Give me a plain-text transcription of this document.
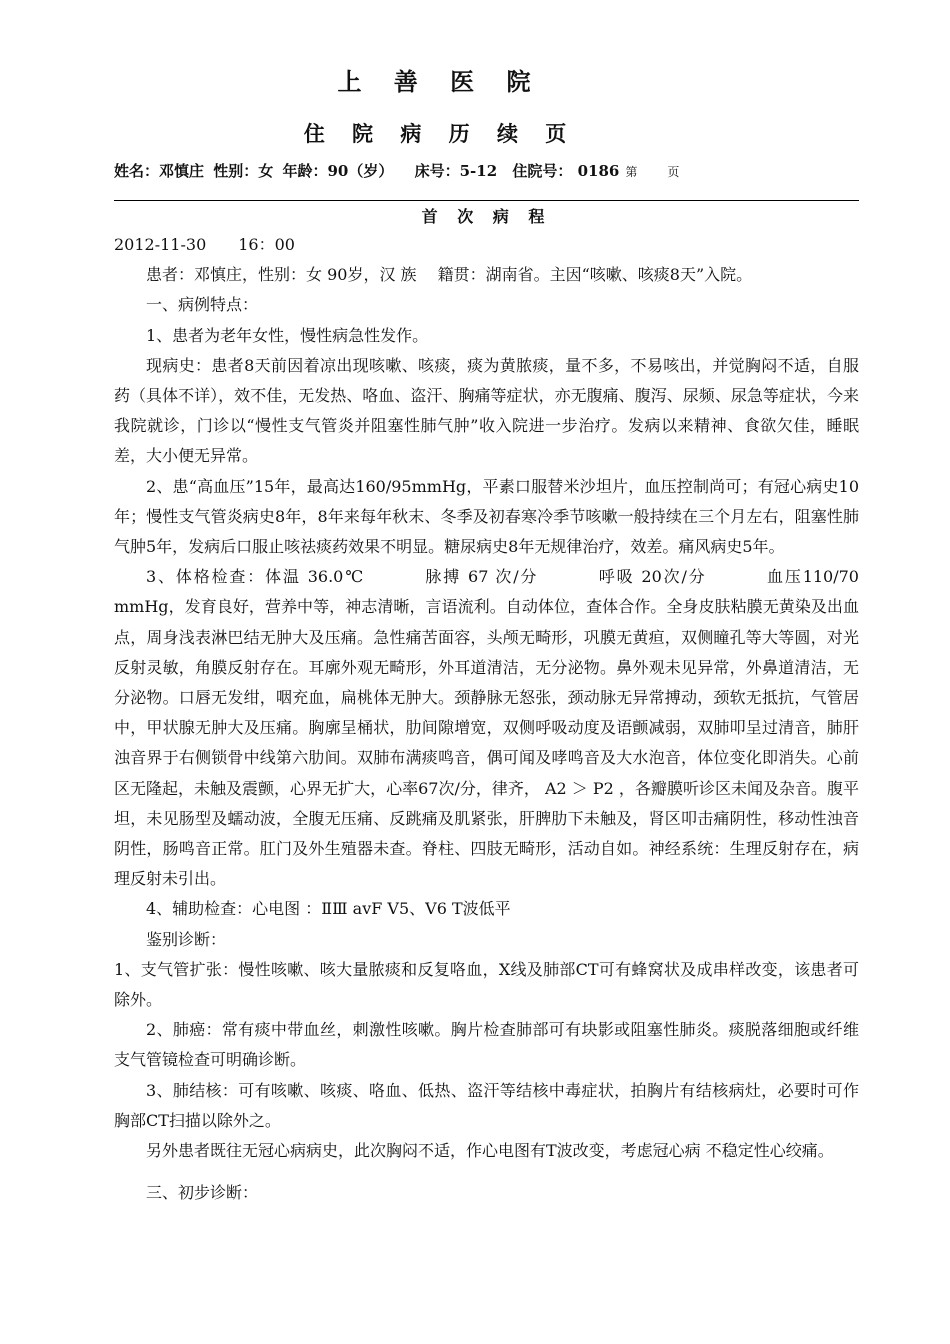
上 善 医 院
住 院 病 历 续 页
姓名：邓慎庄 性别：女 年龄：90（岁） 床号：5-12 住院号： 0186 第	页
首 次 病 程

2012-11-30　　16：00

患者：邓慎庄，性别：女 90岁，汉 族　 籍贯：湖南省。主因“咳嗽、咳痰8天”入院。

一、病例特点：

1、患者为老年女性，慢性病急性发作。

现病史：患者8天前因着凉出现咳嗽、咳痰，痰为黄脓痰，量不多，不易咳出，并觉胸闷不适，自服药（具体不详），效不佳，无发热、咯血、盗汗、胸痛等症状，亦无腹痛、腹泻、尿频、尿急等症状，今来我院就诊，门诊以“慢性支气管炎并阻塞性肺气肿”收入院进一步治疗。发病以来精神、食欲欠佳，睡眠差，大小便无异常。

2、患“高血压”15年，最高达160/95mmHg，平素口服替米沙坦片，血压控制尚可；有冠心病史10年；慢性支气管炎病史8年，8年来每年秋末、冬季及初春寒冷季节咳嗽一般持续在三个月左右，阻塞性肺气肿5年，发病后口服止咳祛痰药效果不明显。糖尿病史8年无规律治疗，效差。痛风病史5年。

3、体格检查：体温 36.0℃　　　 脉搏 67 次/分　　　 呼吸 20次/分　　　 血压110/70 mmHg，发育良好，营养中等，神志清晰，言语流利。自动体位，查体合作。全身皮肤粘膜无黄染及出血点，周身浅表淋巴结无肿大及压痛。急性痛苦面容，头颅无畸形，巩膜无黄疸，双侧瞳孔等大等圆，对光反射灵敏，角膜反射存在。耳廓外观无畸形，外耳道清洁，无分泌物。鼻外观未见异常，外鼻道清洁，无分泌物。口唇无发绀，咽充血，扁桃体无肿大。颈静脉无怒张，颈动脉无异常搏动，颈软无抵抗，气管居中，甲状腺无肿大及压痛。胸廓呈桶状，肋间隙增宽，双侧呼吸动度及语颤减弱，双肺叩呈过清音，肺肝浊音界于右侧锁骨中线第六肋间。双肺布满痰鸣音，偶可闻及哮鸣音及大水泡音，体位变化即消失。心前区无隆起，未触及震颤，心界无扩大，心率67次/分，律齐， A2 ＞ P2 ，各瓣膜听诊区未闻及杂音。腹平坦，未见肠型及蠕动波，全腹无压痛、反跳痛及肌紧张，肝脾肋下未触及，肾区叩击痛阴性，移动性浊音阴性，肠鸣音正常。肛门及外生殖器未查。脊柱、四肢无畸形，活动自如。神经系统：生理反射存在，病理反射未引出。

4、辅助检查：心电图 ：ⅡⅢ avF V5、V6 T波低平

鉴别诊断：

1、支气管扩张：慢性咳嗽、咳大量脓痰和反复咯血，X线及肺部CT可有蜂窝状及成串样改变，该患者可除外。

2、肺癌：常有痰中带血丝，刺激性咳嗽。胸片检查肺部可有块影或阻塞性肺炎。痰脱落细胞或纤维支气管镜检查可明确诊断。

3、肺结核：可有咳嗽、咳痰、咯血、低热、盗汗等结核中毒症状，拍胸片有结核病灶，必要时可作胸部CT扫描以除外之。

另外患者既往无冠心病病史，此次胸闷不适，作心电图有T波改变，考虑冠心病 不稳定性心绞痛。

三、初步诊断：
